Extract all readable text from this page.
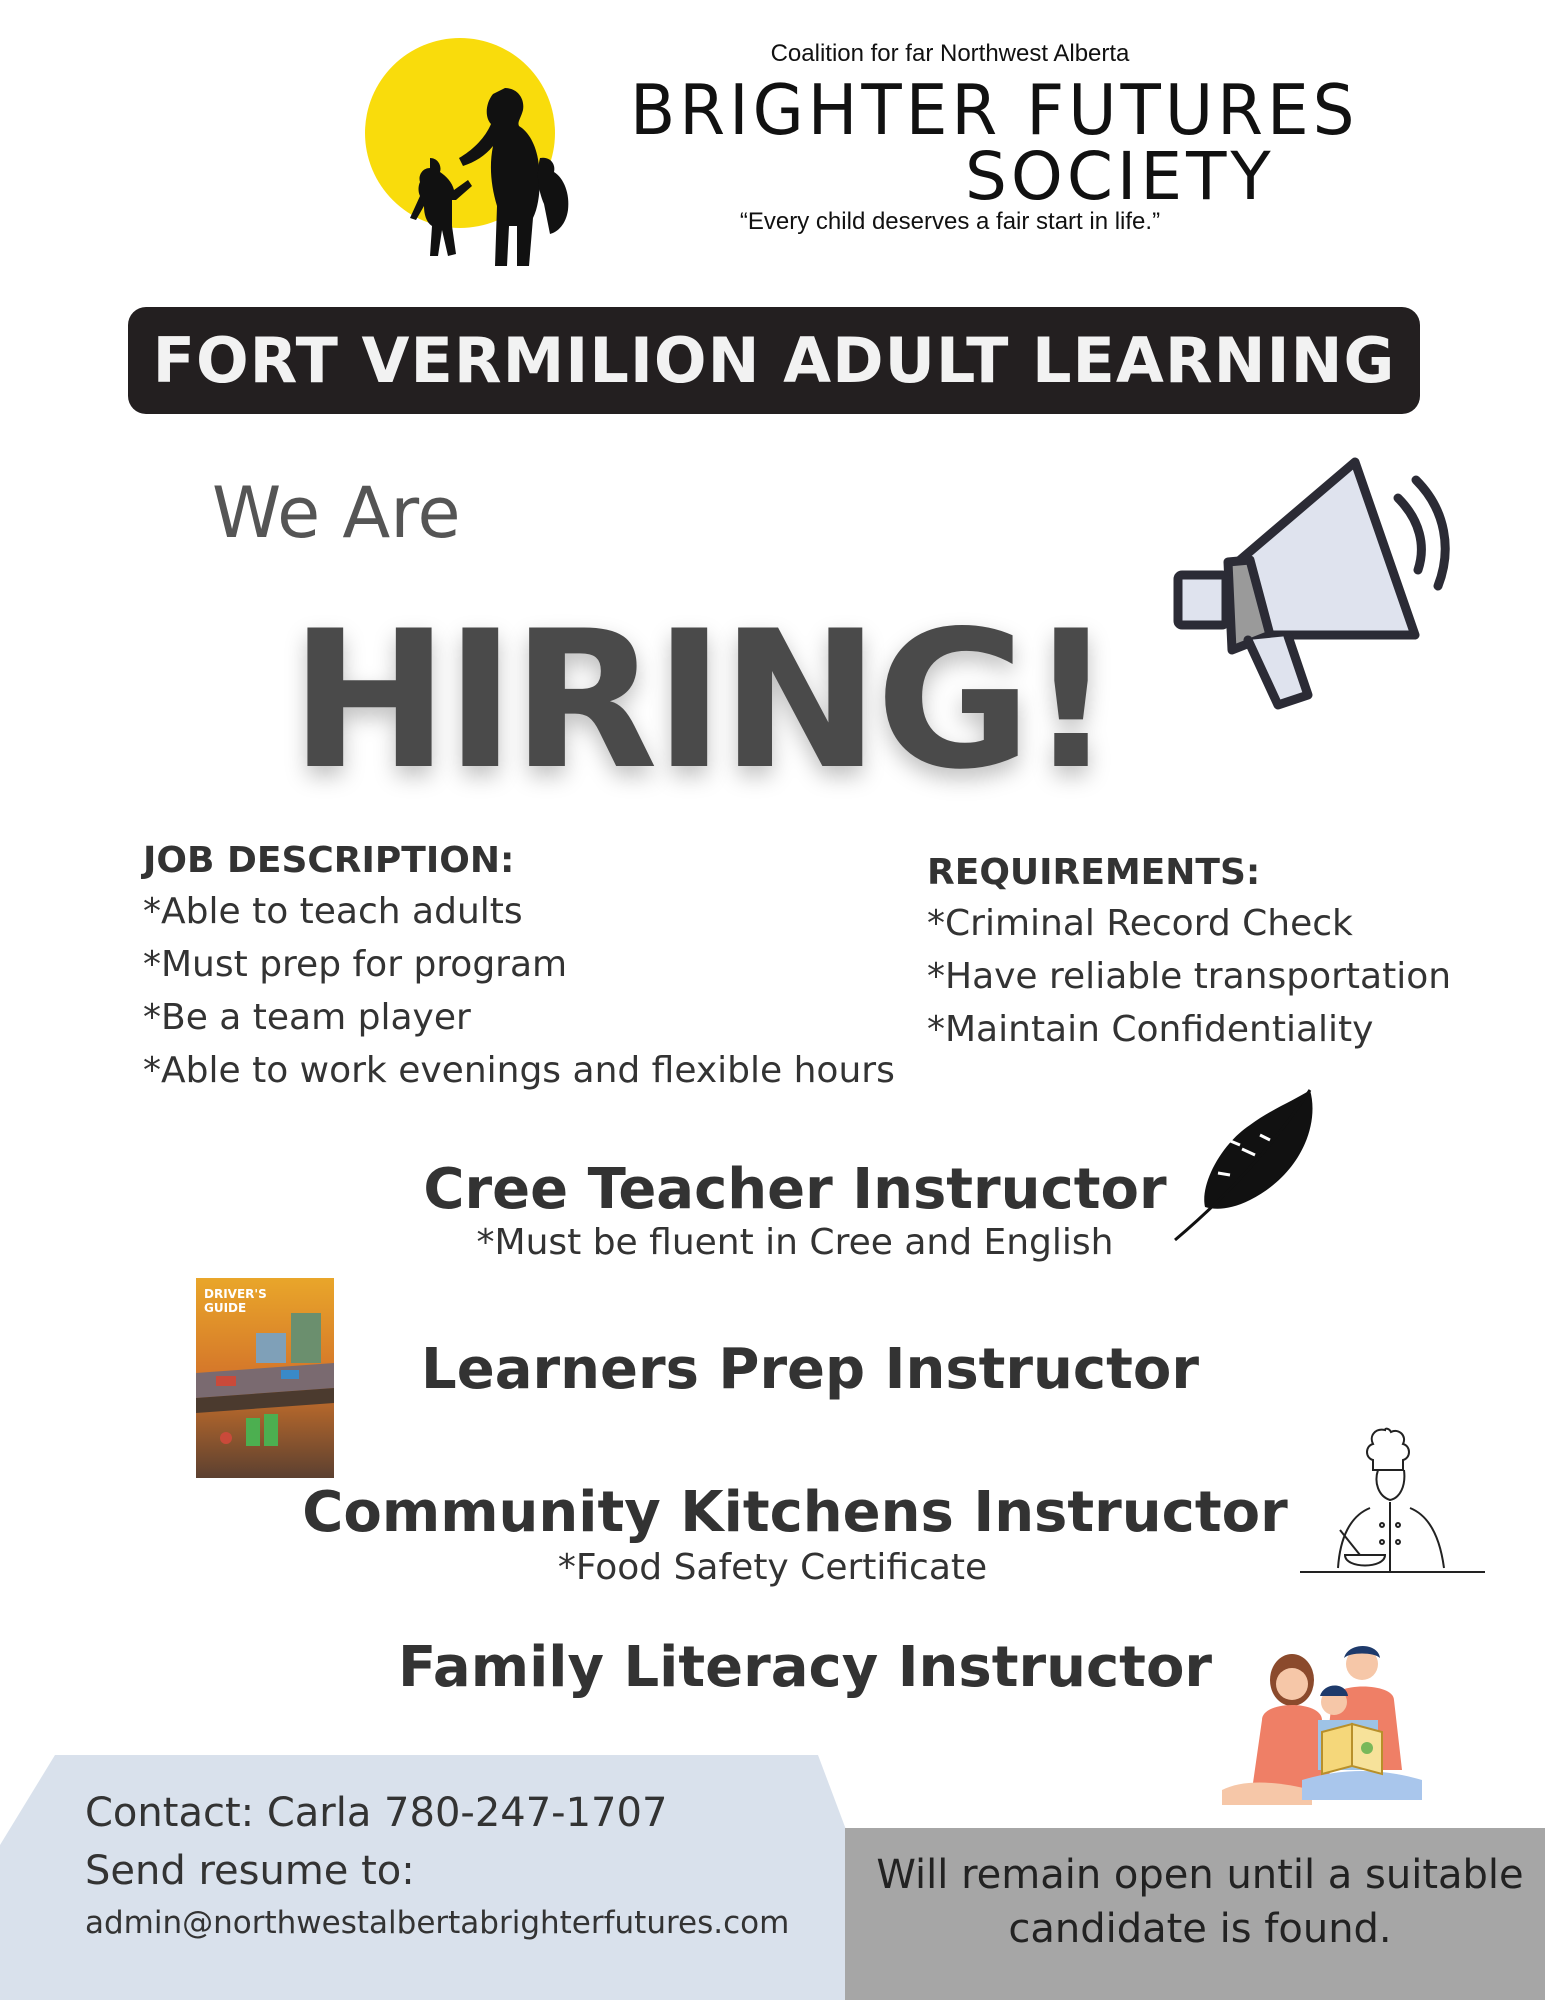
Coalition for far Northwest Alberta
BRIGHTER FUTURES
SOCIETY
“Every child deserves a fair start in life.”
FORT VERMILION ADULT LEARNING
We Are
HIRING!
JOB DESCRIPTION:
*Able to teach adults
*Must prep for program
*Be a team player
*Able to work evenings and flexible hours
REQUIREMENTS:
*Criminal Record Check
*Have reliable transportation
*Maintain Confidentiality
Cree Teacher Instructor
*Must be fluent in Cree and English
Learners Prep Instructor
Community Kitchens Instructor
*Food Safety Certificate
Family Literacy Instructor
DRIVER'S
GUIDE
Contact: Carla 780-247-1707
Send resume to:
admin@northwestalbertabrighterfutures.com
Will remain open until a suitable
candidate is found.
